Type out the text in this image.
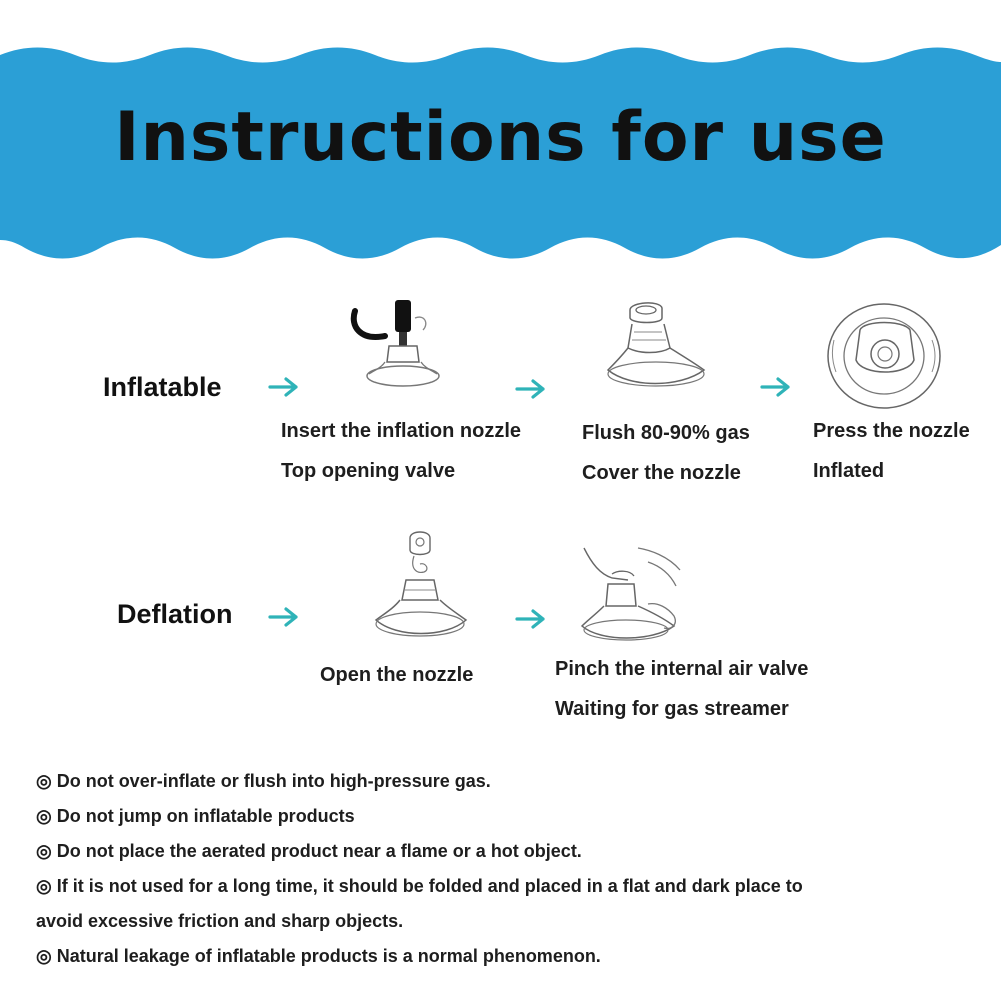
Instructions for use
Inflatable
Insert the inflation nozzle
Top opening valve
Flush 80-90% gas
Cover the nozzle
Press the nozzle
Inflated
Deflation
Open the nozzle	Pinch the internal air valve
Waiting for gas streamer
◎ Do not over-inflate or flush into high-pressure gas.
◎ Do not jump on inflatable products
◎ Do not place the aerated product near a flame or a hot object.
◎ If it is not used for a long time, it should be folded and placed in a flat and dark place to
avoid excessive friction and sharp objects.
◎ Natural leakage of inflatable products is a normal phenomenon.
